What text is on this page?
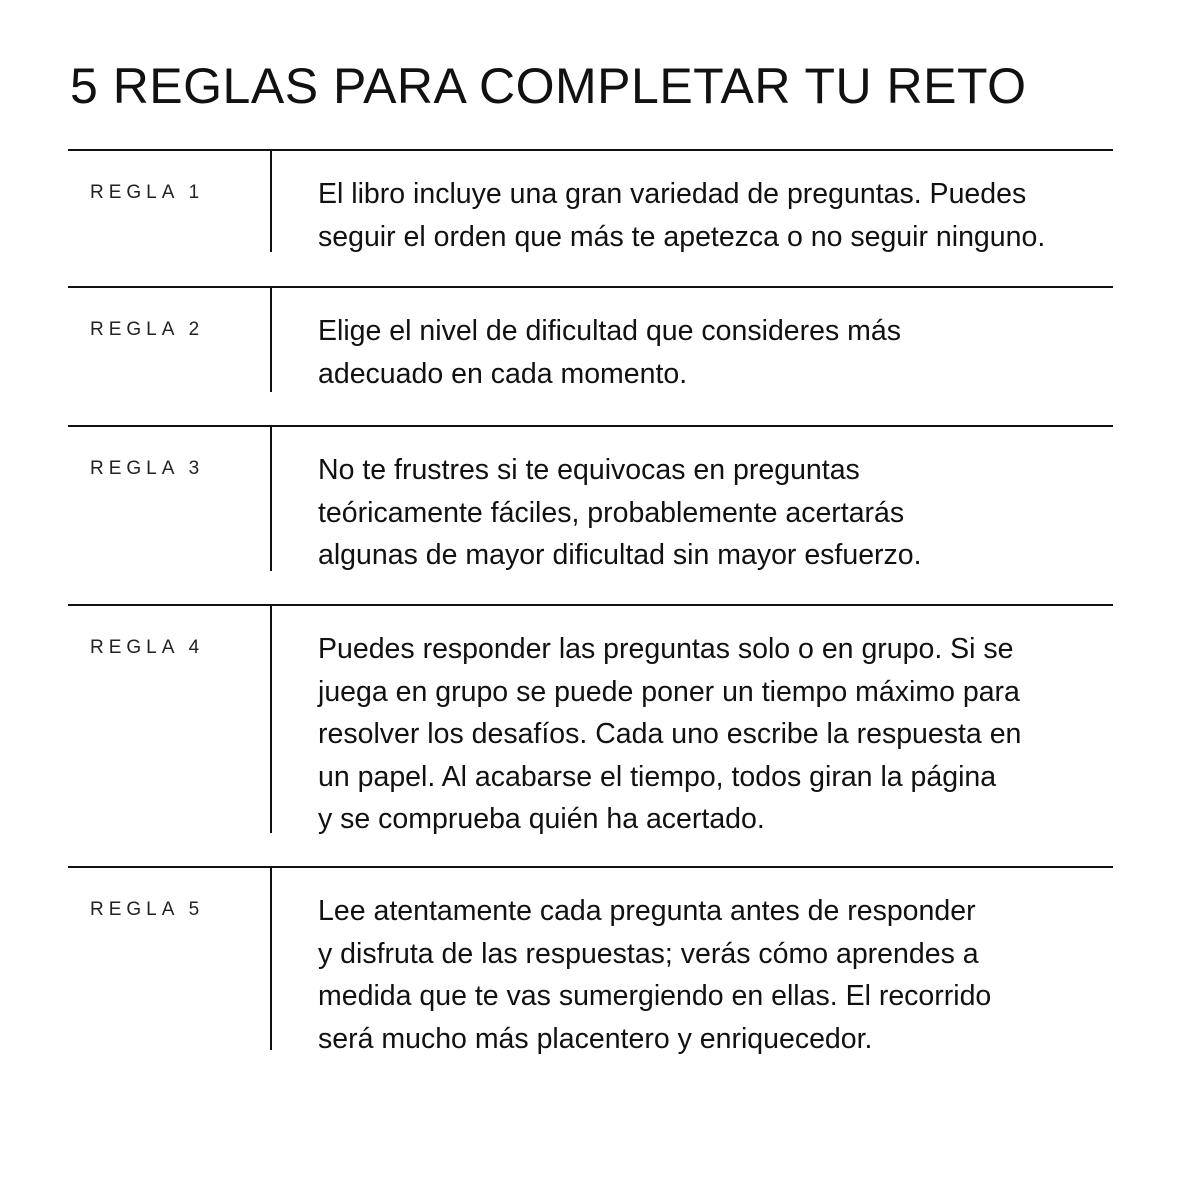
5 REGLAS PARA COMPLETAR TU RETO
REGLA 1	El libro incluye una gran variedad de preguntas. Puedes
seguir el orden que más te apetezca o no seguir ninguno.
REGLA 2	Elige el nivel de dificultad que consideres más
adecuado en cada momento.
REGLA 3	No te frustres si te equivocas en preguntas
teóricamente fáciles, probablemente acertarás
algunas de mayor dificultad sin mayor esfuerzo.
REGLA 4	Puedes responder las preguntas solo o en grupo. Si se
juega en grupo se puede poner un tiempo máximo para
resolver los desafíos. Cada uno escribe la respuesta en
un papel. Al acabarse el tiempo, todos giran la página
y se comprueba quién ha acertado.
REGLA 5	Lee atentamente cada pregunta antes de responder
y disfruta de las respuestas; verás cómo aprendes a
medida que te vas sumergiendo en ellas. El recorrido
será mucho más placentero y enriquecedor.
